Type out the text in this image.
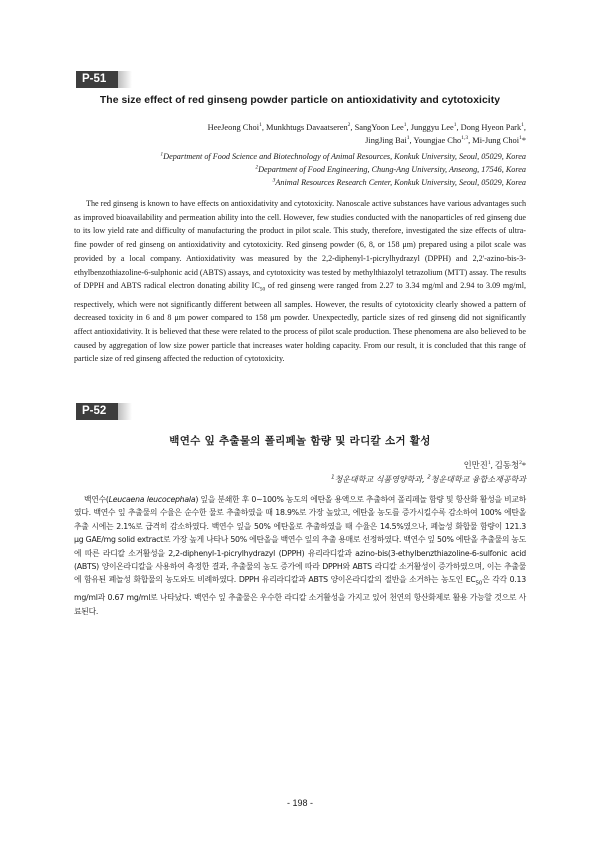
P-51
The size effect of red ginseng powder particle on antioxidativity and cytotoxicity
HeeJeong Choi$^1$, Munkhtugs Davaatseren$^2$, SangYoon Lee$^1$, Junggyu Lee$^1$, Dong Hyeon Park$^1$,
JingJing Bai$^1$, Youngjae Cho$^{1,3}$, Mi-Jung Choi$^1$*
$^1$Department of Food Science and Biotechnology of Animal Resources, Konkuk University, Seoul, 05029, Korea
$^2$Department of Food Engineering, Chung-Ang University, Anseong, 17546, Korea
$^3$Animal Resources Research Center, Konkuk University, Seoul, 05029, Korea

The red ginseng is known to have effects on antioxidativity and cytotoxicity. Nanoscale active substances have various advantages such as improved bioavailability and permeation ability into the cell. However, few studies conducted with the nanoparticles of red ginseng due to its low yield rate and difficulty of manufacturing the product in pilot scale. This study, therefore, investigated the size effects of ultra-fine powder of red ginseng on antioxidativity and cytotoxicity. Red ginseng powder (6, 8, or 158 μm) prepared using a pilot scale was provided by a local company. Antioxidativity was measured by the 2,2-diphenyl-1-picrylhydrazyl (DPPH) and 2,2'-azino-bis-3-ethylbenzothiazoline-6-sulphonic acid (ABTS) assays, and cytotoxicity was tested by methylthiazolyl tetrazolium (MTT) assay. The results of DPPH and ABTS radical electron donating ability $IC_{50}$ of red ginseng were ranged from 2.27 to 3.34 mg/ml and 2.94 to 3.09 mg/ml, respectively, which were not significantly different between all samples. However, the results of cytotoxicity clearly showed a pattern of decreased toxicity in 6 and 8 μm power compared to 158 μm powder. Unexpectedly, particle sizes of red ginseng did not significantly affect antioxidativity. It is believed that these were related to the process of pilot scale production. These phenomena are also believed to be caused by aggregation of low size power particle that increases water holding capacity. From our result, it is concluded that this range of particle size of red ginseng affected the reduction of cytotoxicity.

P-52
백연수 잎 추출물의 폴리페놀 함량 및 라디칼 소거 활성
인만진$^1$, 김동청$^2$*
$^1$청운대학교 식품영양학과, $^2$청운대학교 융합소재공학과

백연수(Leucaena leucocephala) 잎을 분쇄한 후 0~100% 농도의 에탄올 용액으로 추출하여 폴리페놀 함량 및 항산화 활성을 비교하였다. 백연수 잎 추출물의 수율은 순수한 물로 추출하였을 때 18.9%로 가장 높았고, 에탄올 농도를 증가시킬수록 감소하여 100% 에탄올 추출 시에는 2.1%로 급격히 감소하였다. 백연수 잎을 50% 에탄올로 추출하였을 때 수율은 14.5%였으나, 폐놀성 화합물 함량이 121.3 μg GAE/mg solid extract로 가장 높게 나타나 50% 에탄올을 백연수 잎의 추출 용매로 선정하였다. 백연수 잎 50% 에탄올 추출물의 농도에 따른 라디칼 소거활성을 2,2-diphenyl-1-picrylhydrazyl (DPPH) 유리라디칼과 azino-bis(3-ethylbenzthiazoline-6-sulfonic acid (ABTS) 양이온라디칼을 사용하여 측정한 결과, 추출물의 농도 증가에 따라 DPPH와 ABTS 라디칼 소거활성이 증가하였으며, 이는 추출물에 함유된 폐놀성 화합물의 농도와도 비례하였다. DPPH 유리라디칼과 ABTS 양이온라디칼의 절반을 소거하는 농도인 $EC_{50}$은 각각 0.13 mg/ml과 0.67 mg/ml로 나타났다. 백연수 잎 추출물은 우수한 라디칼 소거활성을 가지고 있어 천연의 항산화제로 활용 가능할 것으로 사료된다.

- 198 -
